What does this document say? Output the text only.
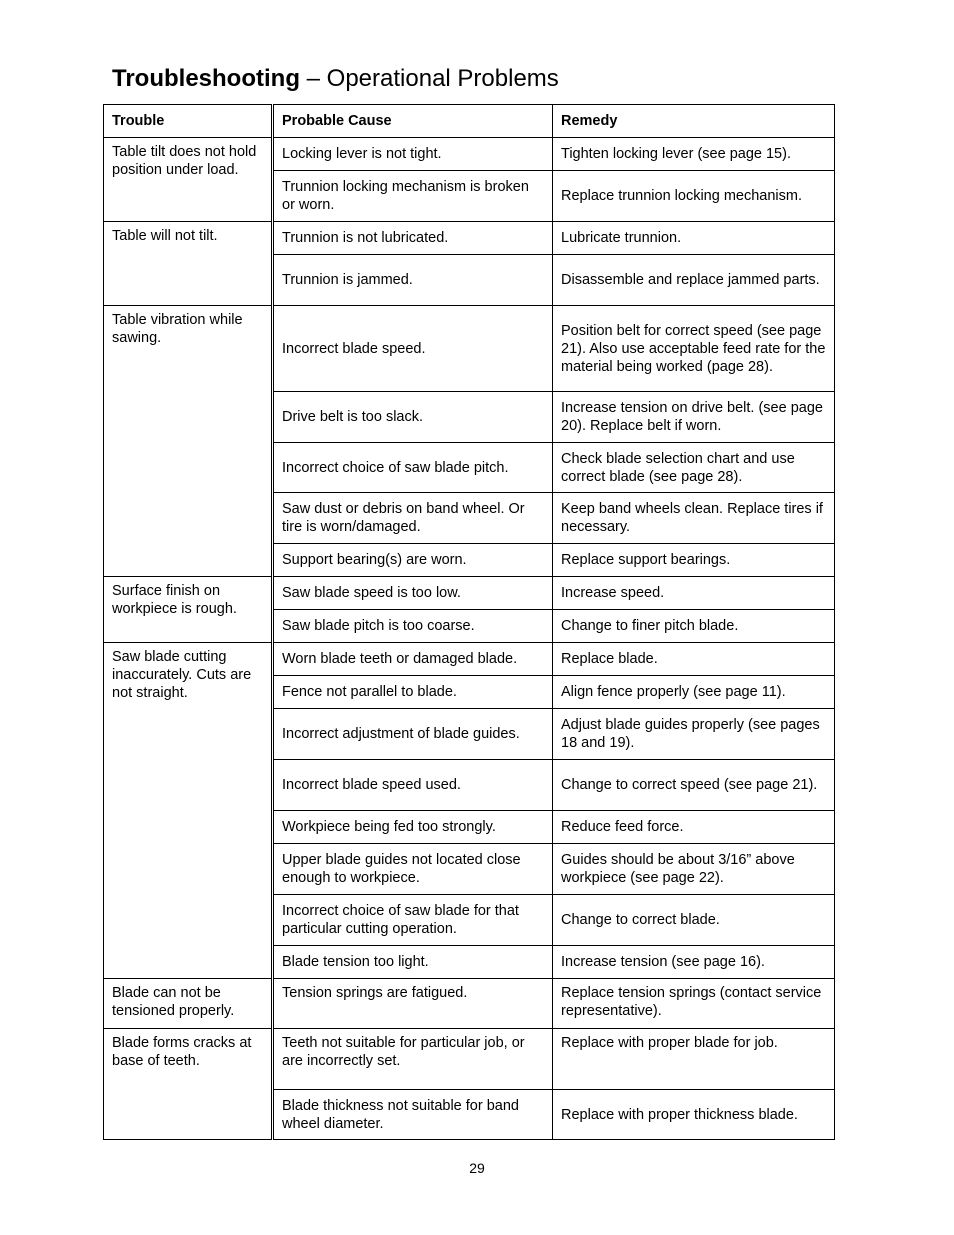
Troubleshooting – Operational Problems
Trouble	Probable Cause	Remedy
Table tilt does not hold position under load.	Locking lever is not tight.	Tighten locking lever (see page 15).
	Trunnion locking mechanism is broken or worn.	Replace trunnion locking mechanism.
Table will not tilt.	Trunnion is not lubricated.	Lubricate trunnion.
	Trunnion is jammed.	Disassemble and replace jammed parts.
Table vibration while sawing.	Incorrect blade speed.	Position belt for correct speed (see page 21). Also use acceptable feed rate for the material being worked (page 28).
	Drive belt is too slack.	Increase tension on drive belt. (see page 20). Replace belt if worn.
	Incorrect choice of saw blade pitch.	Check blade selection chart and use correct blade (see page 28).
	Saw dust or debris on band wheel. Or tire is worn/damaged.	Keep band wheels clean. Replace tires if necessary.
	Support bearing(s) are worn.	Replace support bearings.
Surface finish on workpiece is rough.	Saw blade speed is too low.	Increase speed.
	Saw blade pitch is too coarse.	Change to finer pitch blade.
Saw blade cutting inaccurately. Cuts are not straight.	Worn blade teeth or damaged blade.	Replace blade.
	Fence not parallel to blade.	Align fence properly (see page 11).
	Incorrect adjustment of blade guides.	Adjust blade guides properly (see pages 18 and 19).
	Incorrect blade speed used.	Change to correct speed (see page 21).
	Workpiece being fed too strongly.	Reduce feed force.
	Upper blade guides not located close enough to workpiece.	Guides should be about 3/16” above workpiece (see page 22).
	Incorrect choice of saw blade for that particular cutting operation.	Change to correct blade.
	Blade tension too light.	Increase tension (see page 16).
Blade can not be tensioned properly.	Tension springs are fatigued.	Replace tension springs (contact service representative).
Blade forms cracks at base of teeth.	Teeth not suitable for particular job, or are incorrectly set.	Replace with proper blade for job.
	Blade thickness not suitable for band wheel diameter.	Replace with proper thickness blade.
29
